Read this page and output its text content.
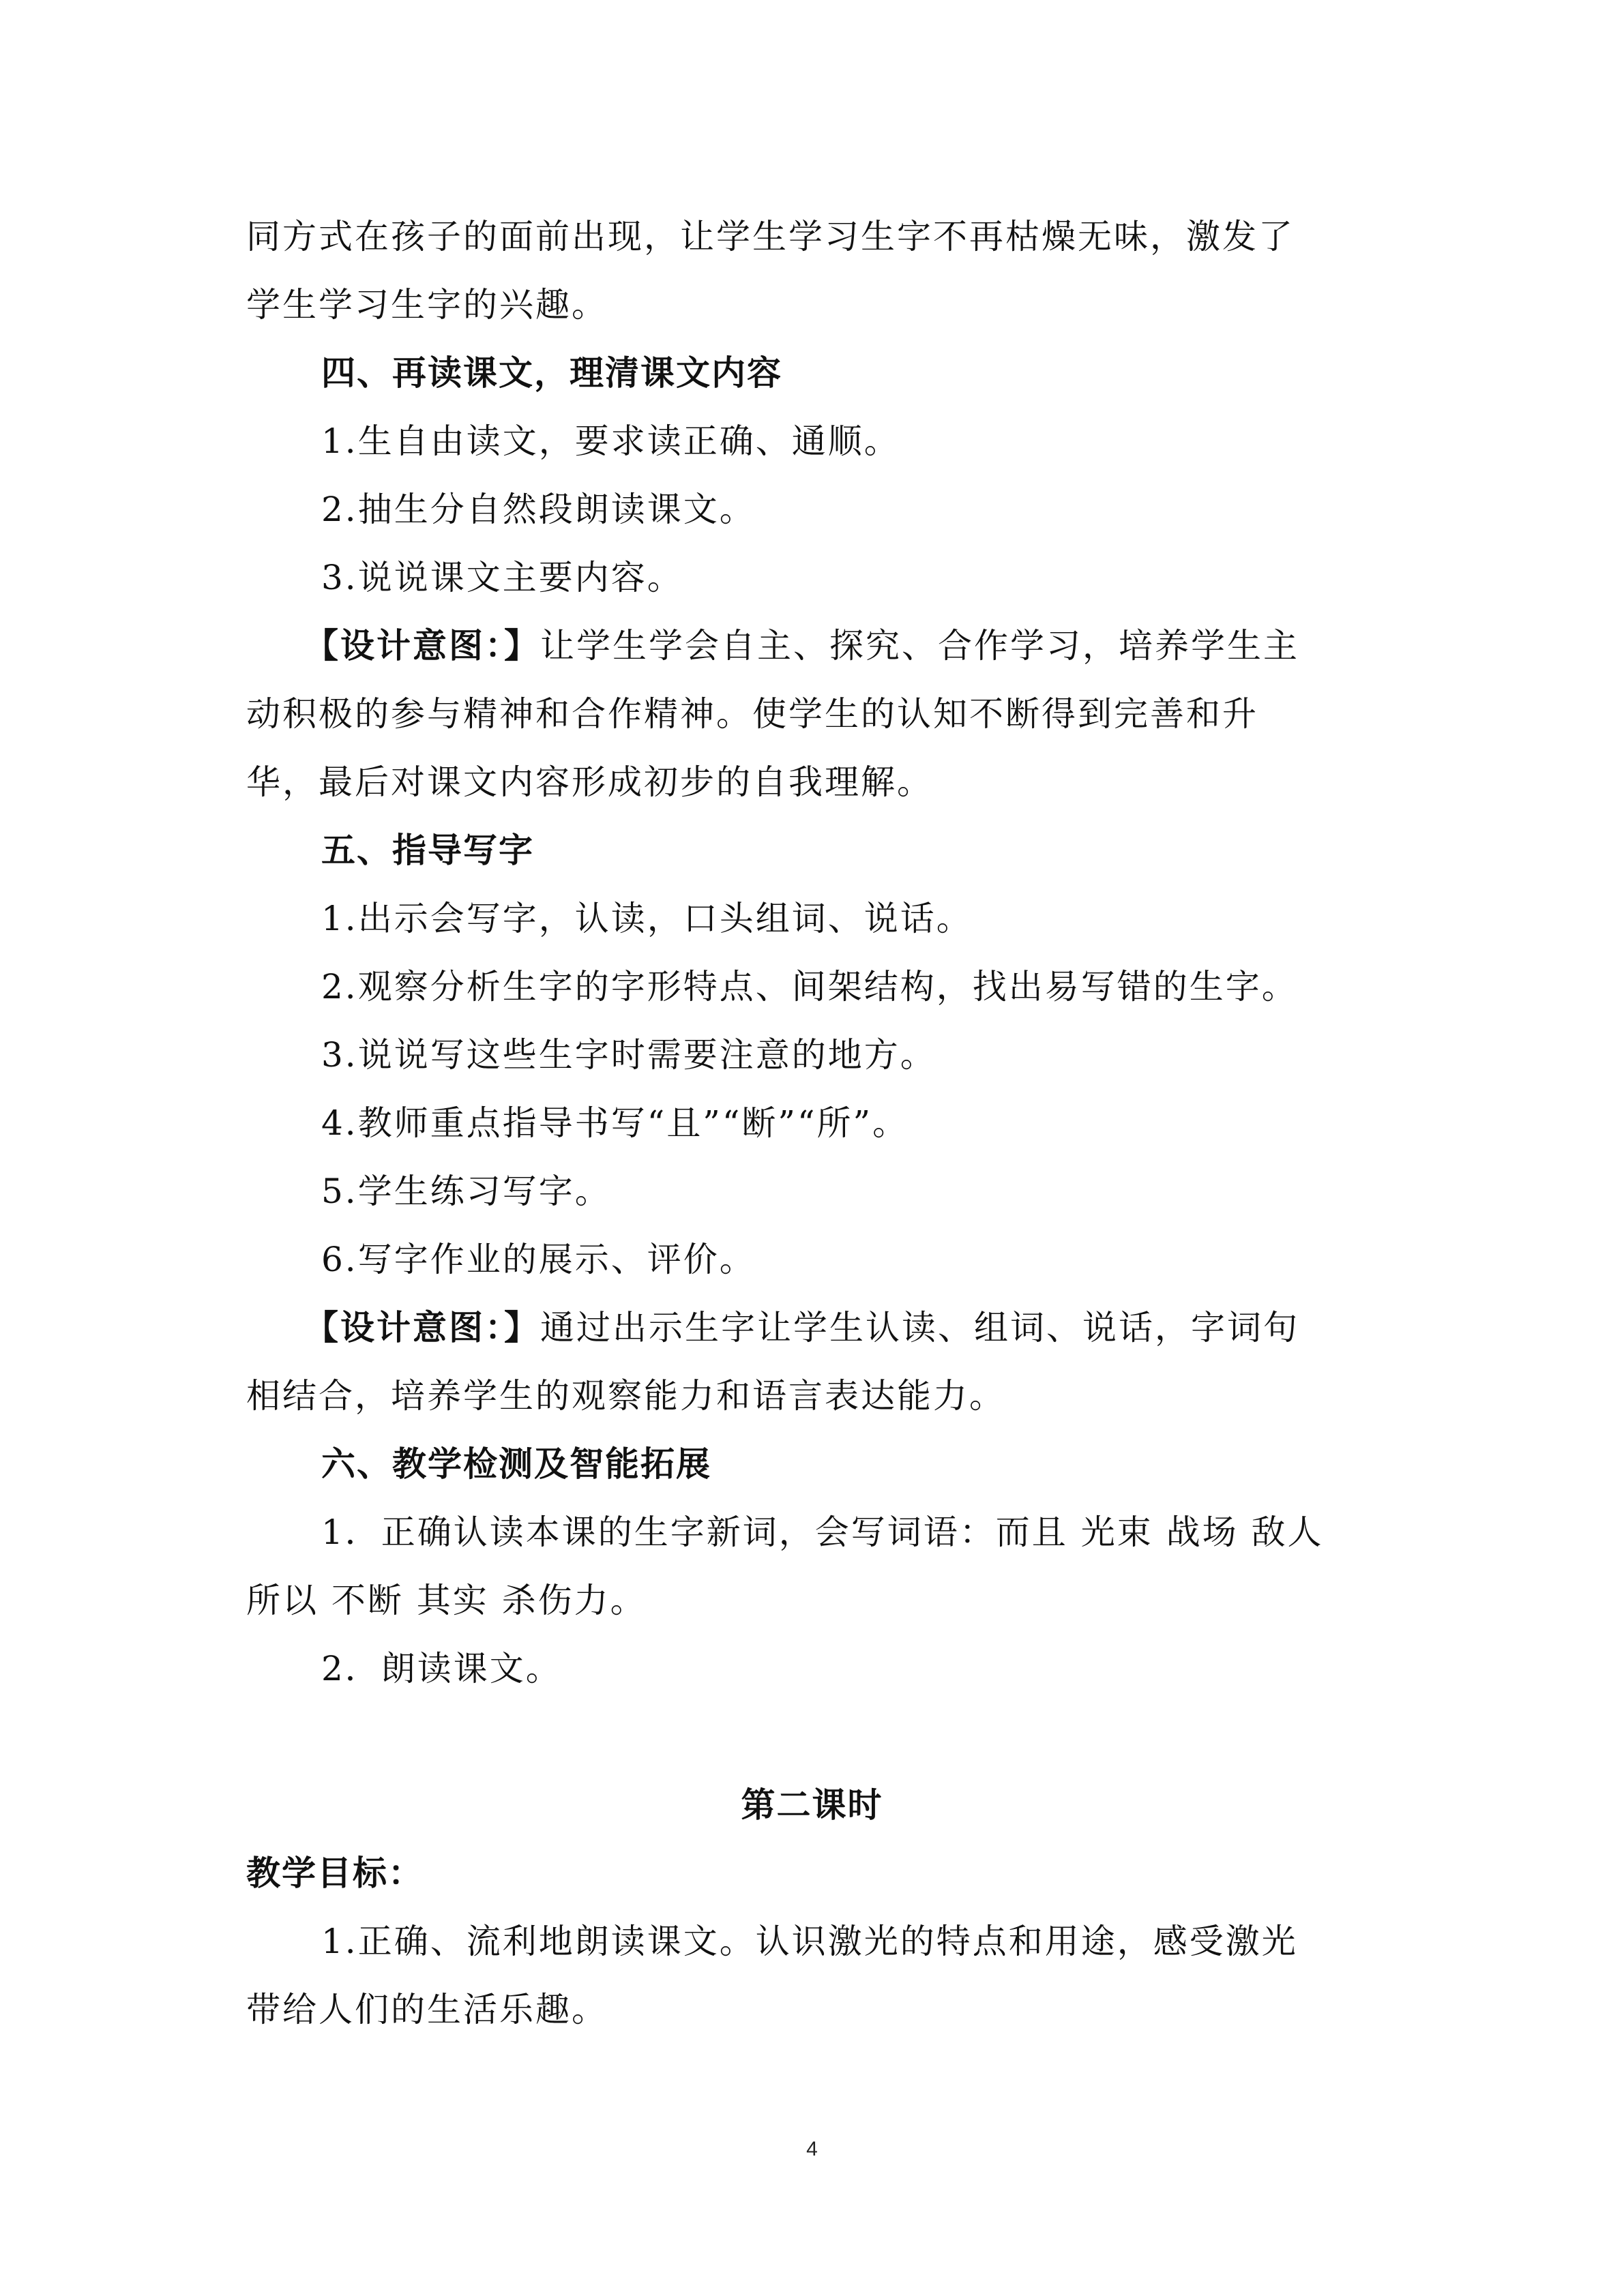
同方式在孩子的面前出现，让学生学习生字不再枯燥无味，激发了
学生学习生字的兴趣。
四、再读课文，理清课文内容
1.生自由读文，要求读正确、通顺。
2.抽生分自然段朗读课文。
3.说说课文主要内容。
【设计意图：】让学生学会自主、探究、合作学习，培养学生主
动积极的参与精神和合作精神。使学生的认知不断得到完善和升
华，最后对课文内容形成初步的自我理解。
五、指导写字
1.出示会写字，认读，口头组词、说话。
2.观察分析生字的字形特点、间架结构，找出易写错的生字。
3.说说写这些生字时需要注意的地方。
4.教师重点指导书写“且”“断”“所”。
5.学生练习写字。
6.写字作业的展示、评价。
【设计意图：】通过出示生字让学生认读、组词、说话，字词句
相结合，培养学生的观察能力和语言表达能力。
六、教学检测及智能拓展
1．正确认读本课的生字新词，会写词语：而且 光束 战场 敌人
所以 不断 其实 杀伤力。
2．朗读课文。
第二课时
教学目标：
1.正确、流利地朗读课文。认识激光的特点和用途，感受激光
带给人们的生活乐趣。
4
